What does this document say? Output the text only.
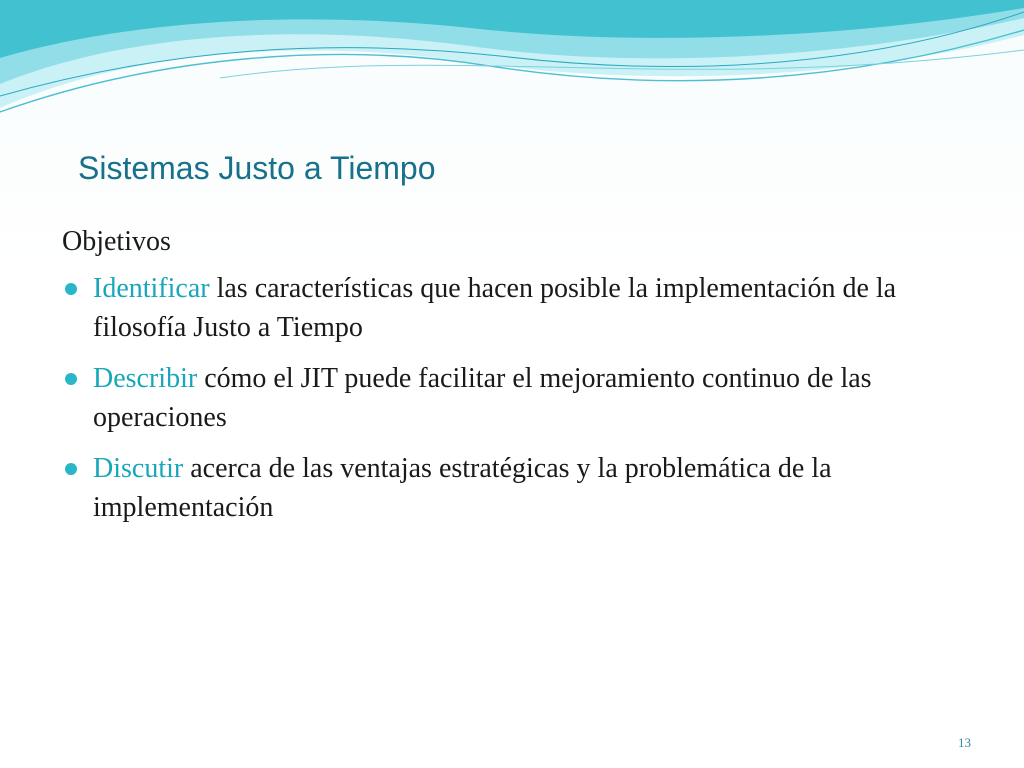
Sistemas Justo a Tiempo

Objetivos

Identificar las características que hacen posible la implementación de la filosofía Justo a Tiempo
Describir cómo el JIT puede facilitar el mejoramiento continuo de las operaciones
Discutir acerca de las ventajas estratégicas y la problemática de la implementación
13
